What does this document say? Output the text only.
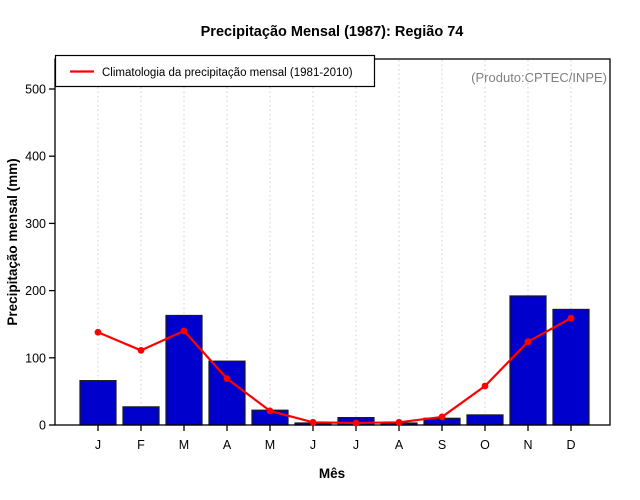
0
100
200
300
400
500
J	F	M	A	M	J	J	A	S	O	N	D
Precipitação Mensal (1987): Região 74
Climatologia da precipitação mensal (1981-2010)	(Produto:CPTEC/INPE)
Precipitação mensal (mm)
Mês
